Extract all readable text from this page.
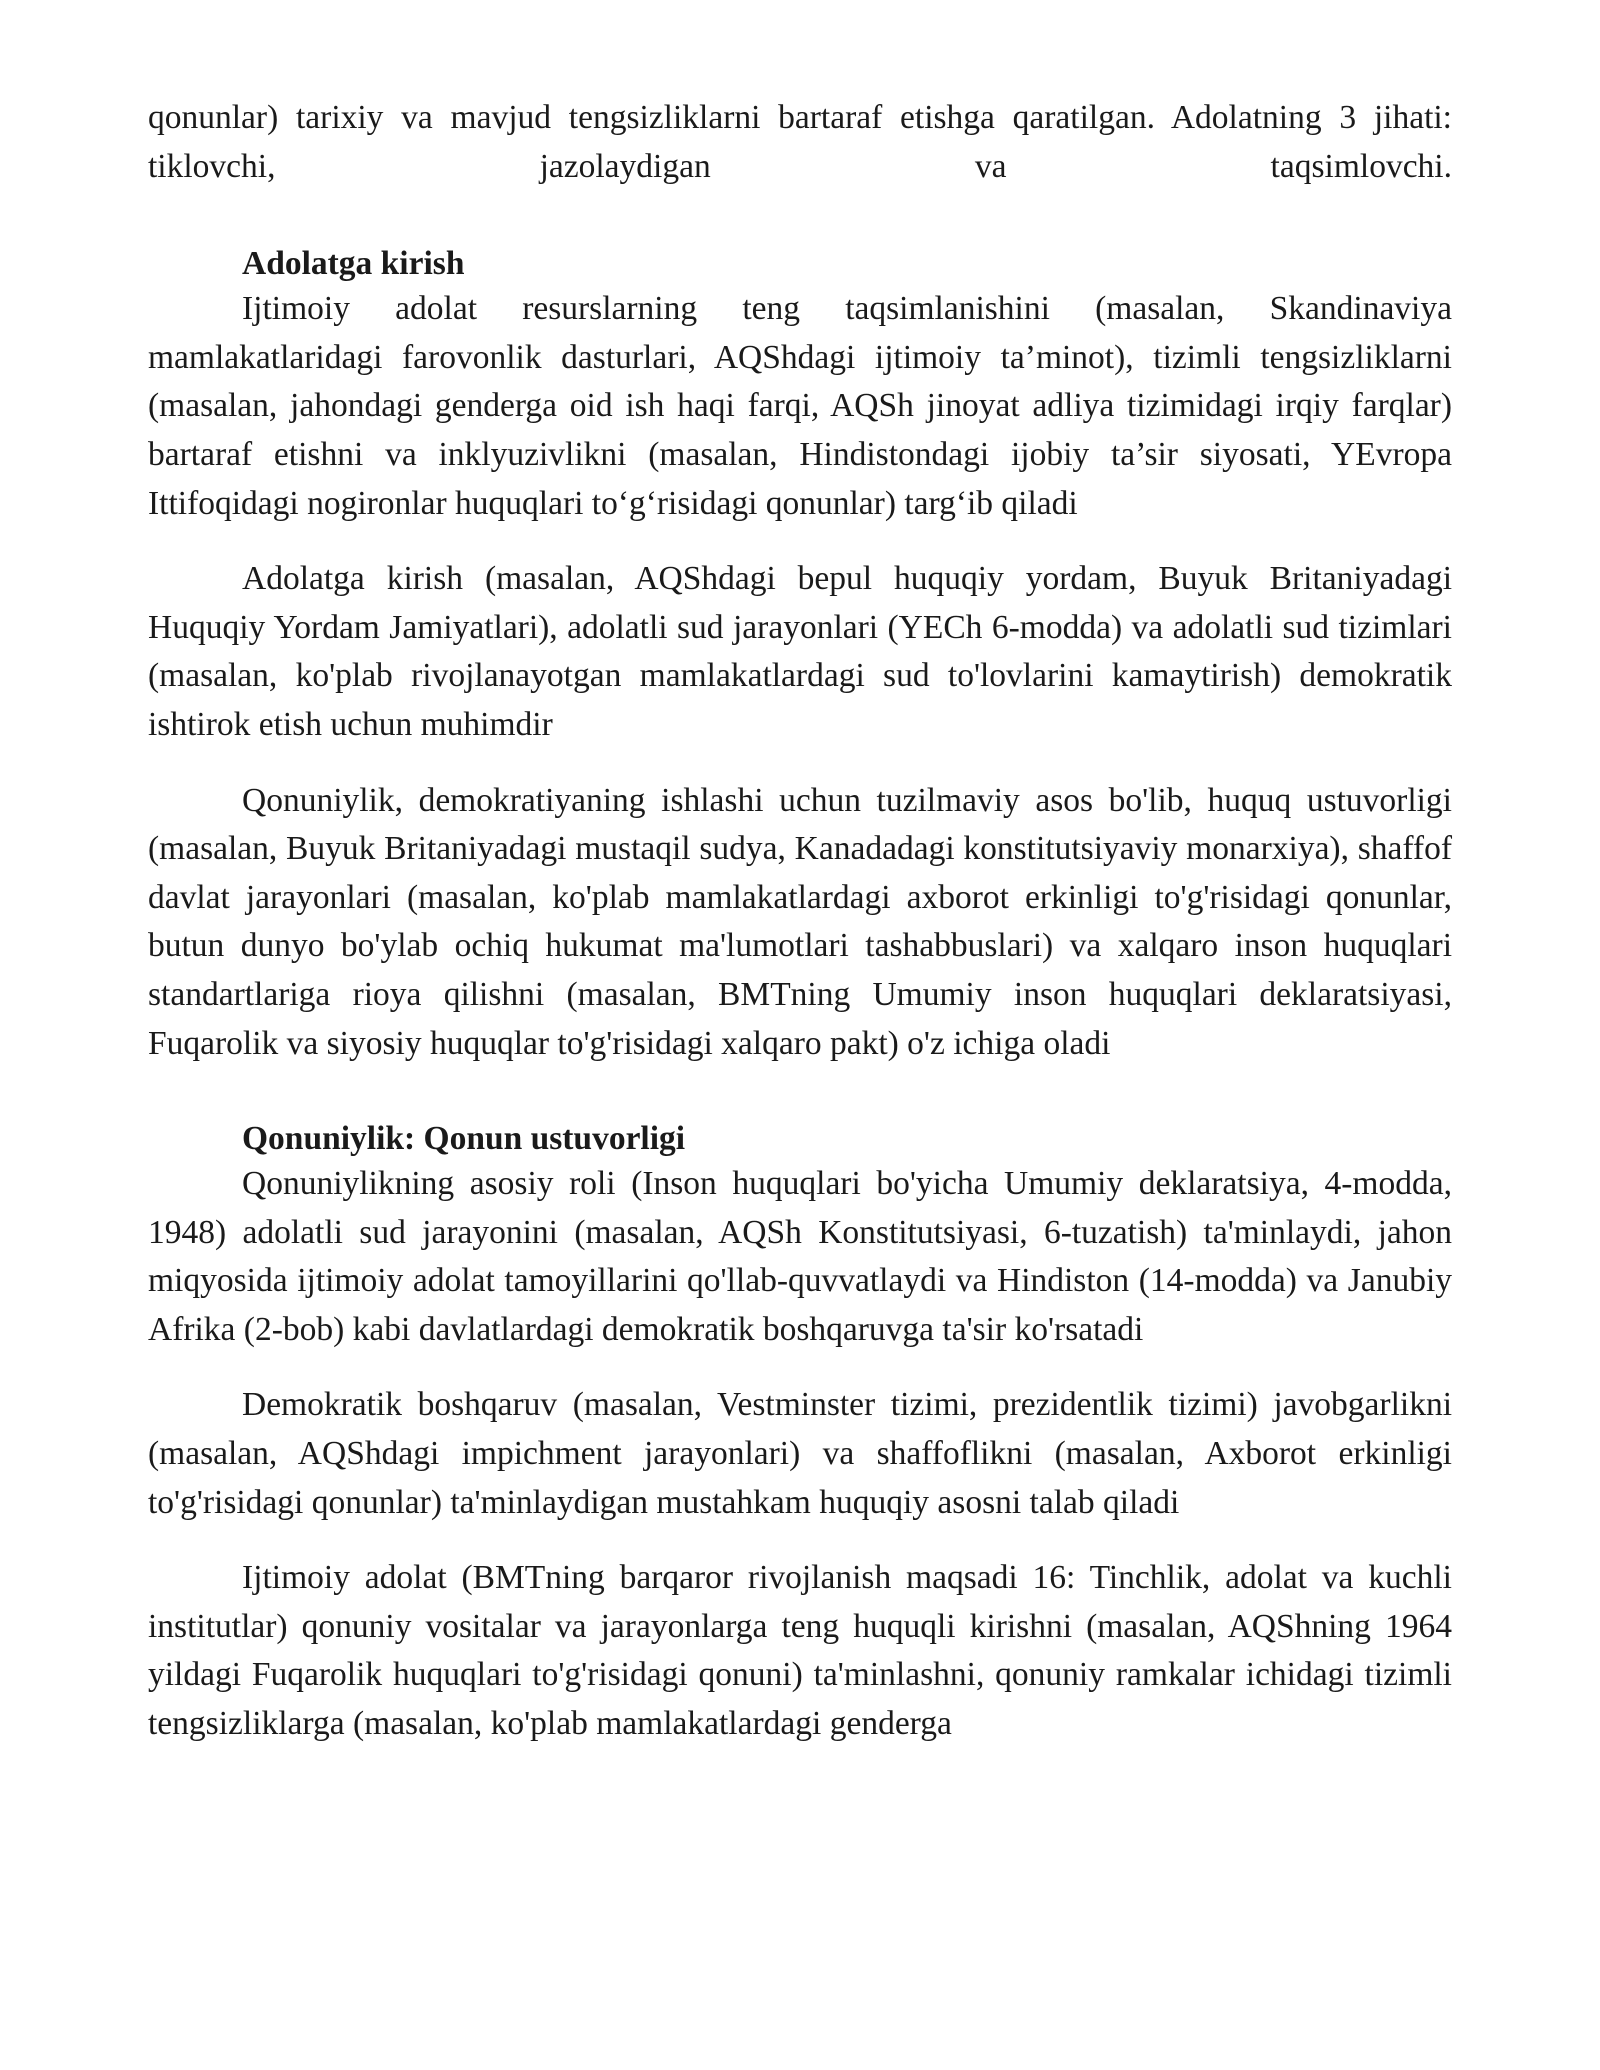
qonunlar) tarixiy va mavjud tengsizliklarni bartaraf etishga qaratilgan. Adolatning 3 jihati: tiklovchi, jazolaydigan va taqsimlovchi.

Adolatga kirish

Ijtimoiy adolat resurslarning teng taqsimlanishini (masalan, Skandinaviya mamlakatlaridagi farovonlik dasturlari, AQShdagi ijtimoiy ta’minot), tizimli tengsizliklarni (masalan, jahondagi genderga oid ish haqi farqi, AQSh jinoyat adliya tizimidagi irqiy farqlar) bartaraf etishni va inklyuzivlikni (masalan, Hindistondagi ijobiy ta’sir siyosati, YEvropa Ittifoqidagi nogironlar huquqlari to‘g‘risidagi qonunlar) targ‘ib qiladi

Adolatga kirish (masalan, AQShdagi bepul huquqiy yordam, Buyuk Britaniyadagi Huquqiy Yordam Jamiyatlari), adolatli sud jarayonlari (YECh 6-modda) va adolatli sud tizimlari (masalan, ko'plab rivojlanayotgan mamlakatlardagi sud to'lovlarini kamaytirish) demokratik ishtirok etish uchun muhimdir

Qonuniylik, demokratiyaning ishlashi uchun tuzilmaviy asos bo'lib, huquq ustuvorligi (masalan, Buyuk Britaniyadagi mustaqil sudya, Kanadadagi konstitutsiyaviy monarxiya), shaffof davlat jarayonlari (masalan, ko'plab mamlakatlardagi axborot erkinligi to'g'risidagi qonunlar, butun dunyo bo'ylab ochiq hukumat ma'lumotlari tashabbuslari) va xalqaro inson huquqlari standartlariga rioya qilishni (masalan, BMTning Umumiy inson huquqlari deklaratsiyasi, Fuqarolik va siyosiy huquqlar to'g'risidagi xalqaro pakt) o'z ichiga oladi

Qonuniylik: Qonun ustuvorligi

Qonuniylikning asosiy roli (Inson huquqlari bo'yicha Umumiy deklaratsiya, 4-modda, 1948) adolatli sud jarayonini (masalan, AQSh Konstitutsiyasi, 6-tuzatish) ta'minlaydi, jahon miqyosida ijtimoiy adolat tamoyillarini qo'llab-quvvatlaydi va Hindiston (14-modda) va Janubiy Afrika (2-bob) kabi davlatlardagi demokratik boshqaruvga ta'sir ko'rsatadi

Demokratik boshqaruv (masalan, Vestminster tizimi, prezidentlik tizimi) javobgarlikni (masalan, AQShdagi impichment jarayonlari) va shaffoflikni (masalan, Axborot erkinligi to'g'risidagi qonunlar) ta'minlaydigan mustahkam huquqiy asosni talab qiladi

Ijtimoiy adolat (BMTning barqaror rivojlanish maqsadi 16: Tinchlik, adolat va kuchli institutlar) qonuniy vositalar va jarayonlarga teng huquqli kirishni (masalan, AQShning 1964 yildagi Fuqarolik huquqlari to'g'risidagi qonuni) ta'minlashni, qonuniy ramkalar ichidagi tizimli tengsizliklarga (masalan, ko'plab mamlakatlardagi genderga
